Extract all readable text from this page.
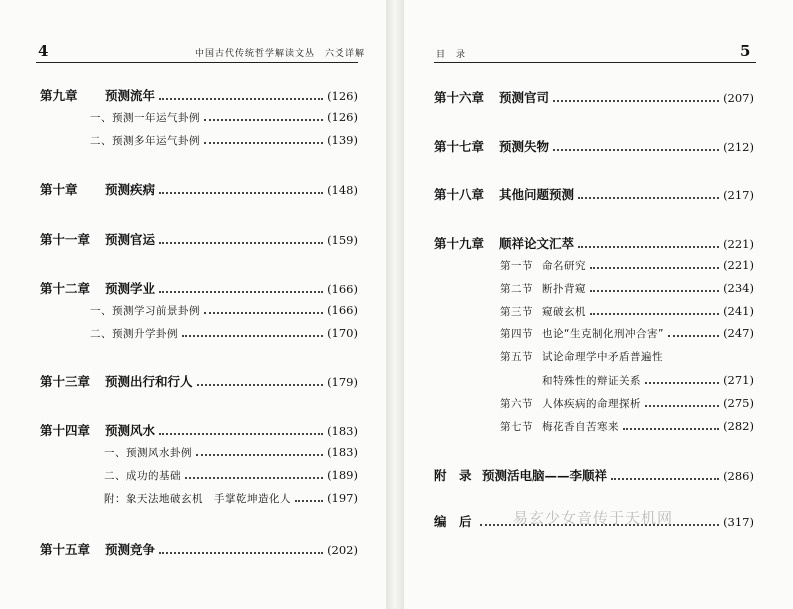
4	中国古代传统哲学解读文丛　六爻详解
第九章 预测流年	(126)
一、预测一年运气卦例	(126)
二、预测多年运气卦例	(139)
第十章 预测疾病	(148)
第十一章 预测官运	(159)
第十二章 预测学业	(166)
一、预测学习前景卦例	(166)
二、预测升学卦例	(170)
第十三章 预测出行和行人	(179)
第十四章 预测风水	(183)
一、预测风水卦例	(183)
二、成功的基础	(189)
附：象天法地破玄机　手掌乾坤造化人	(197)
第十五章 预测竞争	(202)
目　录	5
第十六章 预测官司	(207)
第十七章 预测失物	(212)
第十八章 其他问题预测	(217)
第十九章 顺祥论文汇萃	(221)
第一节 命名研究	(221)
第二节 断扑背窥	(234)
第三节 窥破玄机	(241)
第四节 也论“生克制化刑冲合害”	(247)
第五节 试论命理学中矛盾普遍性
和特殊性的辩证关系	(271)
第六节 人体疾病的命理探析	(275)
第七节 梅花香自苦寒来	(282)
附　录 预测活电脑——李顺祥	(286)
编　后	(317)
易玄少女音传于天机网
